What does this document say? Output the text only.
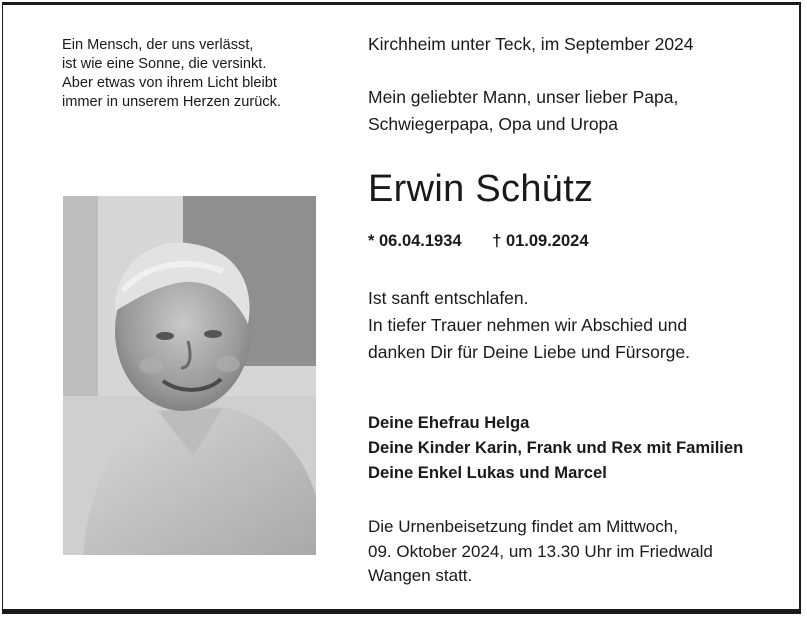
Ein Mensch, der uns verlässt,
ist wie eine Sonne, die versinkt.
Aber etwas von ihrem Licht bleibt
immer in unserem Herzen zurück.
Kirchheim unter Teck, im September 2024
Mein geliebter Mann, unser lieber Papa,
Schwiegerpapa, Opa und Uropa
Erwin Schütz
* 06.04.1934 † 01.09.2024
Ist sanft entschlafen.
In tiefer Trauer nehmen wir Abschied und
danken Dir für Deine Liebe und Fürsorge.
Deine Ehefrau Helga
Deine Kinder Karin, Frank und Rex mit Familien
Deine Enkel Lukas und Marcel
Die Urnenbeisetzung findet am Mittwoch,
09. Oktober 2024, um 13.30 Uhr im Friedwald
Wangen statt.
